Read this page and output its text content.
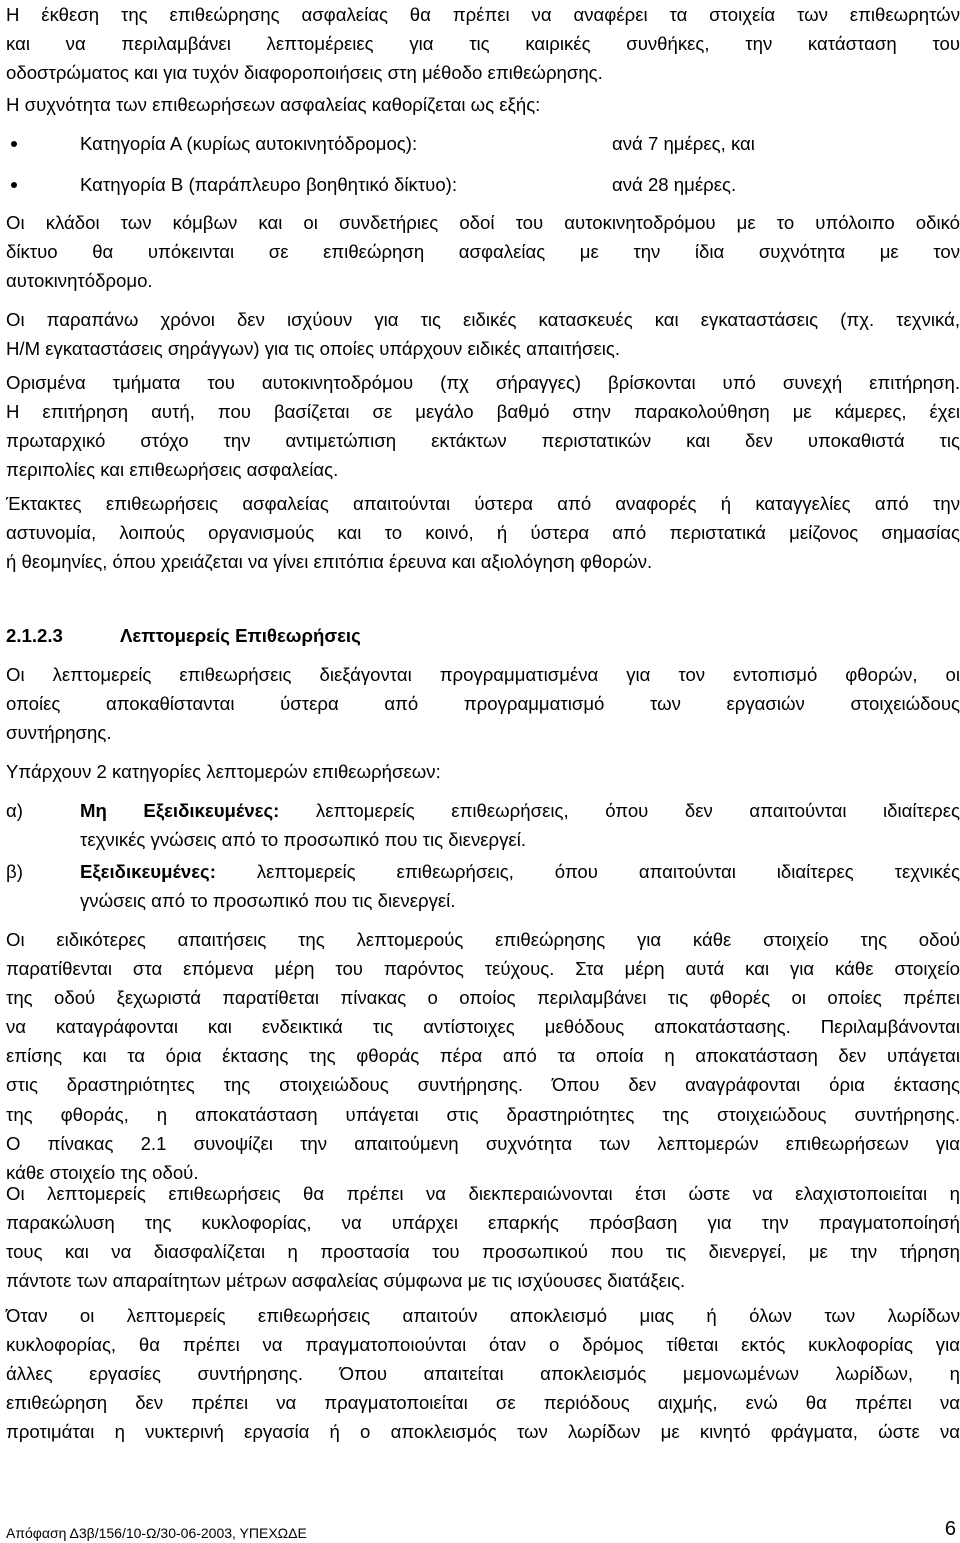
Η έκθεση της επιθεώρησης ασφαλείας θα πρέπει να αναφέρει τα στοιχεία των επιθεωρητών
και να περιλαμβάνει λεπτομέρειες για τις καιρικές συνθήκες, την κατάσταση του
οδοστρώματος και για τυχόν διαφοροποιήσεις στη μέθοδο επιθεώρησης.
Η συχνότητα των επιθεωρήσεων ασφαλείας καθορίζεται ως εξής:
Κατηγορία Α (κυρίως αυτοκινητόδρομος):	ανά 7 ημέρες, και
Κατηγορία Β (παράπλευρο βοηθητικό δίκτυο):	ανά 28 ημέρες.
Οι κλάδοι των κόμβων και οι συνδετήριες οδοί του αυτοκινητοδρόμου με το υπόλοιπο οδικό
δίκτυο θα υπόκεινται σε επιθεώρηση ασφαλείας με την ίδια συχνότητα με τον
αυτοκινητόδρομο.
Οι παραπάνω χρόνοι δεν ισχύουν για τις ειδικές κατασκευές και εγκαταστάσεις (πχ. τεχνικά,
Η/Μ εγκαταστάσεις σηράγγων) για τις οποίες υπάρχουν ειδικές απαιτήσεις.
Ορισμένα τμήματα του αυτοκινητοδρόμου (πχ σήραγγες) βρίσκονται υπό συνεχή επιτήρηση.
Η επιτήρηση αυτή, που βασίζεται σε μεγάλο βαθμό στην παρακολούθηση με κάμερες, έχει
πρωταρχικό στόχο την αντιμετώπιση εκτάκτων περιστατικών και δεν υποκαθιστά τις
περιπολίες και επιθεωρήσεις ασφαλείας.
Έκτακτες επιθεωρήσεις ασφαλείας απαιτούνται ύστερα από αναφορές ή καταγγελίες από την
αστυνομία, λοιπούς οργανισμούς και το κοινό, ή ύστερα από περιστατικά μείζονος σημασίας
ή θεομηνίες, όπου χρειάζεται να γίνει επιτόπια έρευνα και αξιολόγηση φθορών.
2.1.2.3	Λεπτομερείς Επιθεωρήσεις
Οι λεπτομερείς επιθεωρήσεις διεξάγονται προγραμματισμένα για τον εντοπισμό φθορών, οι
οποίες αποκαθίστανται ύστερα από προγραμματισμό των εργασιών στοιχειώδους
συντήρησης.
Υπάρχουν 2 κατηγορίες λεπτομερών επιθεωρήσεων:
α)	Μη Εξειδικευμένες: λεπτομερείς επιθεωρήσεις, όπου δεν απαιτούνται ιδιαίτερες
τεχνικές γνώσεις από το προσωπικό που τις διενεργεί.
β)	Εξειδικευμένες: λεπτομερείς επιθεωρήσεις, όπου απαιτούνται ιδιαίτερες τεχνικές
γνώσεις από το προσωπικό που τις διενεργεί.
Οι ειδικότερες απαιτήσεις της λεπτομερούς επιθεώρησης για κάθε στοιχείο της οδού
παρατίθενται στα επόμενα μέρη του παρόντος τεύχους. Στα μέρη αυτά και για κάθε στοιχείο
της οδού ξεχωριστά παρατίθεται πίνακας ο οποίος περιλαμβάνει τις φθορές οι οποίες πρέπει
να καταγράφονται και ενδεικτικά τις αντίστοιχες μεθόδους αποκατάστασης. Περιλαμβάνονται
επίσης και τα όρια έκτασης της φθοράς πέρα από τα οποία η αποκατάσταση δεν υπάγεται
στις δραστηριότητες της στοιχειώδους συντήρησης. Όπου δεν αναγράφονται όρια έκτασης
της φθοράς, η αποκατάσταση υπάγεται στις δραστηριότητες της στοιχειώδους συντήρησης.
Ο πίνακας 2.1 συνοψίζει την απαιτούμενη συχνότητα των λεπτομερών επιθεωρήσεων για
κάθε στοιχείο της οδού.
Οι λεπτομερείς επιθεωρήσεις θα πρέπει να διεκπεραιώνονται έτσι ώστε να ελαχιστοποιείται η
παρακώλυση της κυκλοφορίας, να υπάρχει επαρκής πρόσβαση για την πραγματοποίησή
τους και να διασφαλίζεται η προστασία του προσωπικού που τις διενεργεί, με την τήρηση
πάντοτε των απαραίτητων μέτρων ασφαλείας σύμφωνα με τις ισχύουσες διατάξεις.
Όταν οι λεπτομερείς επιθεωρήσεις απαιτούν αποκλεισμό μιας ή όλων των λωρίδων
κυκλοφορίας, θα πρέπει να πραγματοποιούνται όταν ο δρόμος τίθεται εκτός κυκλοφορίας για
άλλες εργασίες συντήρησης. Όπου απαιτείται αποκλεισμός μεμονωμένων λωρίδων, η
επιθεώρηση δεν πρέπει να πραγματοποιείται σε περιόδους αιχμής, ενώ θα πρέπει να
προτιμάται η νυκτερινή εργασία ή ο αποκλεισμός των λωρίδων με κινητό φράγματα, ώστε να
Απόφαση Δ3β/156/10-Ω/30-06-2003, ΥΠΕΧΩΔΕ	6
